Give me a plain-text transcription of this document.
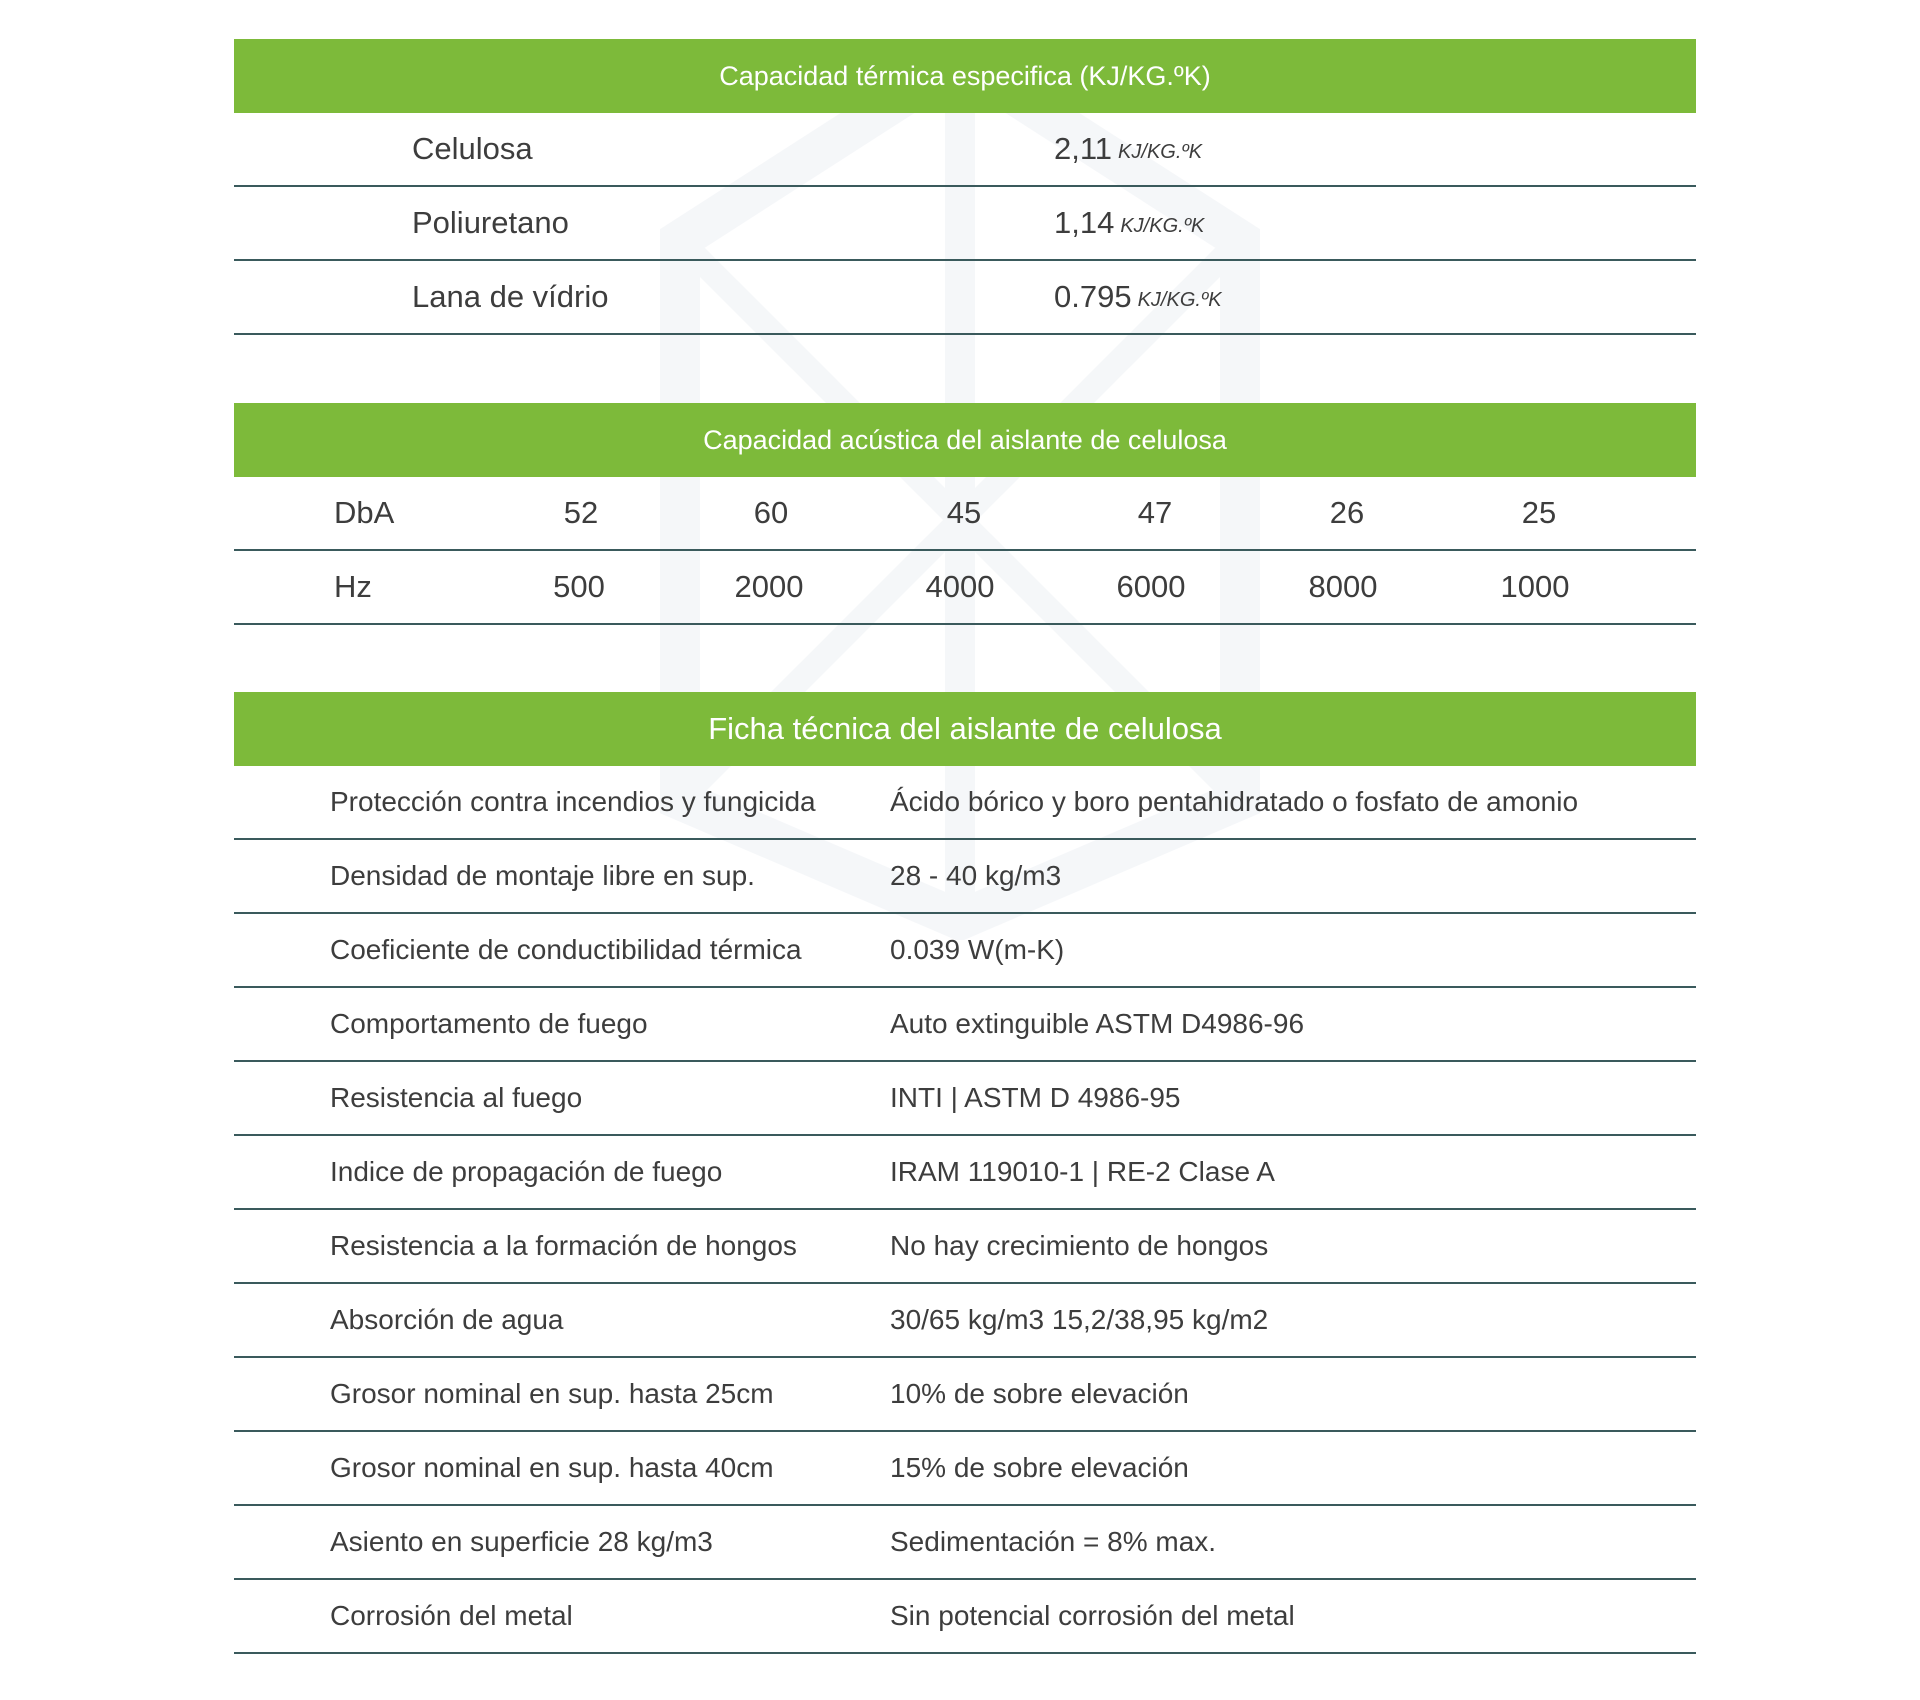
Capacidad térmica especifica (KJ/KG.ºK)
Celulosa	2,11 KJ/KG.ºK
Poliuretano	1,14 KJ/KG.ºK
Lana de vídrio	0.795 KJ/KG.ºK
Capacidad acústica del aislante de celulosa
DbA	52	60	45	47	26	25
Hz	500	2000	4000	6000	8000	1000
Ficha técnica del aislante de celulosa
Protección contra incendios y fungicida	Ácido bórico y boro pentahidratado o fosfato de amonio
Densidad de montaje libre en sup.	28 - 40 kg/m3
Coeficiente de conductibilidad térmica	0.039 W(m-K)
Comportamento de fuego	Auto extinguible ASTM D4986-96
Resistencia al fuego	INTI | ASTM D 4986-95
Indice de propagación de fuego	IRAM 119010-1 | RE-2 Clase A
Resistencia a la formación de hongos	No hay crecimiento de hongos
Absorción de agua	30/65 kg/m3 15,2/38,95 kg/m2
Grosor nominal en sup. hasta 25cm	10% de sobre elevación
Grosor nominal en sup. hasta 40cm	15% de sobre elevación
Asiento en superficie 28 kg/m3	Sedimentación = 8% max.
Corrosión del metal	Sin potencial corrosión del metal
